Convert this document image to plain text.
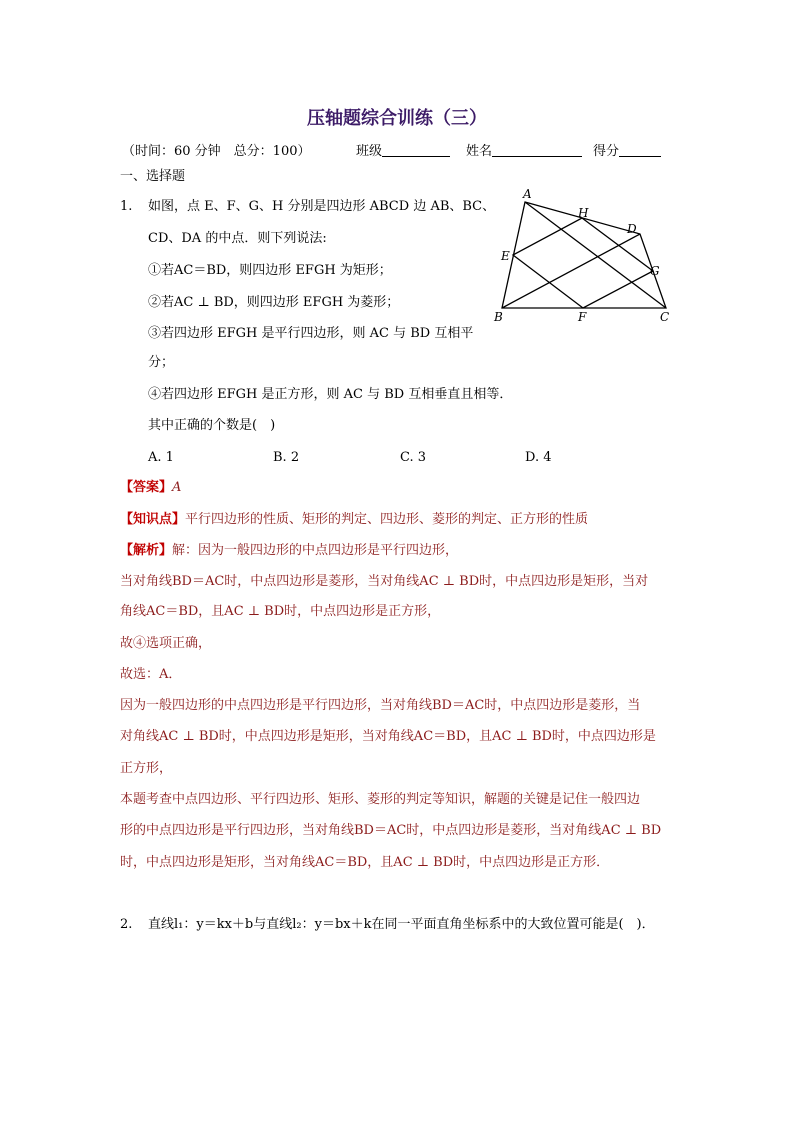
压轴题综合训练（三）
（时间：60 分钟　总分：100）	班级	姓名	得分
一、选择题
1. 如图，点 E、F、G、H 分别是四边形 ABCD 边 AB、BC、
CD、DA 的中点．则下列说法:
①若AC＝BD，则四边形 EFGH 为矩形；
②若AC ⊥ BD，则四边形 EFGH 为菱形；
③若四边形 EFGH 是平行四边形，则 AC 与 BD 互相平
分；
④若四边形 EFGH 是正方形，则 AC 与 BD 互相垂直且相等．
其中正确的个数是(　)
A. 1	B. 2	C. 3	D. 4
A
B	C
D
E
F
G
H
【答案】A
【知识点】平行四边形的性质、矩形的判定、四边形、菱形的判定、正方形的性质
【解析】解：因为一般四边形的中点四边形是平行四边形，
当对角线BD＝AC时，中点四边形是菱形，当对角线AC ⊥ BD时，中点四边形是矩形，当对
角线AC＝BD，且AC ⊥ BD时，中点四边形是正方形，
故④选项正确，
故选：A．
因为一般四边形的中点四边形是平行四边形，当对角线BD＝AC时，中点四边形是菱形，当
对角线AC ⊥ BD时，中点四边形是矩形，当对角线AC＝BD，且AC ⊥ BD时，中点四边形是
正方形，
本题考查中点四边形、平行四边形、矩形、菱形的判定等知识，解题的关键是记住一般四边
形的中点四边形是平行四边形，当对角线BD＝AC时，中点四边形是菱形，当对角线AC ⊥ BD
时，中点四边形是矩形，当对角线AC＝BD，且AC ⊥ BD时，中点四边形是正方形．
2. 直线l₁：y＝kx＋b与直线l₂：y＝bx＋k在同一平面直角坐标系中的大致位置可能是(　)．
